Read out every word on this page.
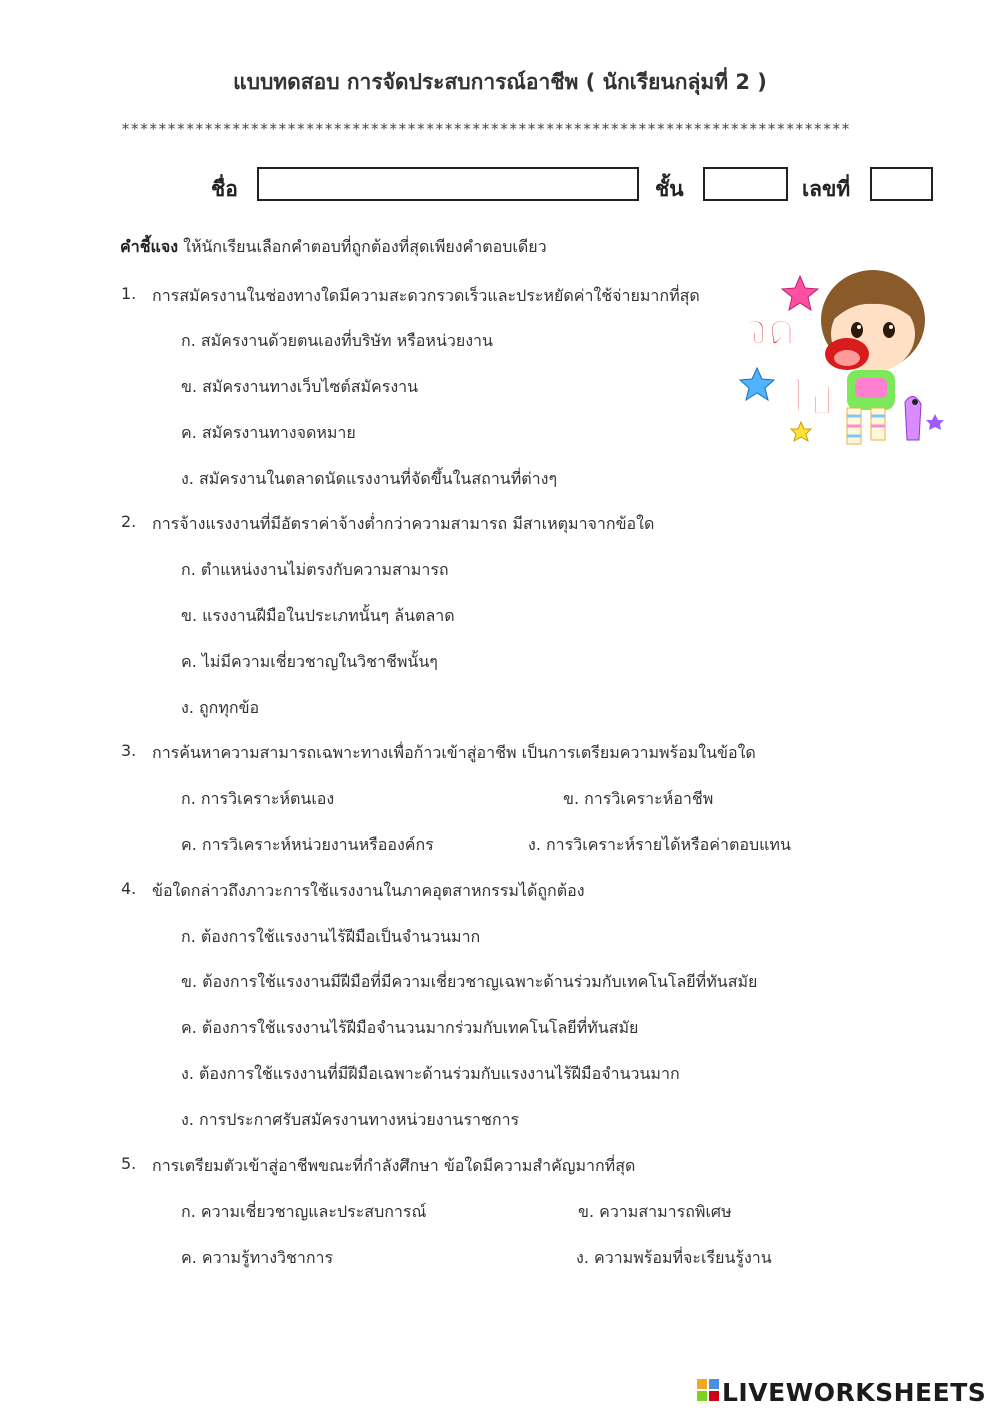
แบบทดสอบ การจัดประสบการณ์อาชีพ ( นักเรียนกลุ่มที่ 2 )
*******************************************************************************
ชื่อ	ชั้น	เลขที่
คำชี้แจง ให้นักเรียนเลือกคำตอบที่ถูกต้องที่สุดเพียงคำตอบเดียว
1. การสมัครงานในช่องทางใดมีความสะดวกรวดเร็วและประหยัดค่าใช้จ่ายมากที่สุด
ก. สมัครงานด้วยตนเองที่บริษัท หรือหน่วยงาน
ข. สมัครงานทางเว็บไซต์สมัครงาน
ค. สมัครงานทางจดหมาย
ง. สมัครงานในตลาดนัดแรงงานที่จัดขึ้นในสถานที่ต่างๆ
2. การจ้างแรงงานที่มีอัตราค่าจ้างต่ำกว่าความสามารถ มีสาเหตุมาจากข้อใด
ก. ตำแหน่งงานไม่ตรงกับความสามารถ
ข. แรงงานฝีมือในประเภทนั้นๆ ล้นตลาด
ค. ไม่มีความเชี่ยวชาญในวิชาชีพนั้นๆ
ง. ถูกทุกข้อ
3. การค้นหาความสามารถเฉพาะทางเพื่อก้าวเข้าสู่อาชีพ เป็นการเตรียมความพร้อมในข้อใด
ก. การวิเคราะห์ตนเอง	ข. การวิเคราะห์อาชีพ
ค. การวิเคราะห์หน่วยงานหรือองค์กร	ง. การวิเคราะห์รายได้หรือค่าตอบแทน
4. ข้อใดกล่าวถึงภาวะการใช้แรงงานในภาคอุตสาหกรรมได้ถูกต้อง
ก. ต้องการใช้แรงงานไร้ฝีมือเป็นจำนวนมาก
ข. ต้องการใช้แรงงานมีฝีมือที่มีความเชี่ยวชาญเฉพาะด้านร่วมกับเทคโนโลยีที่ทันสมัย
ค. ต้องการใช้แรงงานไร้ฝีมือจำนวนมากร่วมกับเทคโนโลยีที่ทันสมัย
ง. ต้องการใช้แรงงานที่มีฝีมือเฉพาะด้านร่วมกับแรงงานไร้ฝีมือจำนวนมาก
ง. การประกาศรับสมัครงานทางหน่วยงานราชการ
5. การเตรียมตัวเข้าสู่อาชีพขณะที่กำลังศึกษา ข้อใดมีความสำคัญมากที่สุด
ก. ความเชี่ยวชาญและประสบการณ์	ข. ความสามารถพิเศษ
ค. ความรู้ทางวิชาการ	ง. ความพร้อมที่จะเรียนรู้งาน
จัด
ไป
LIVEWORKSHEETS
